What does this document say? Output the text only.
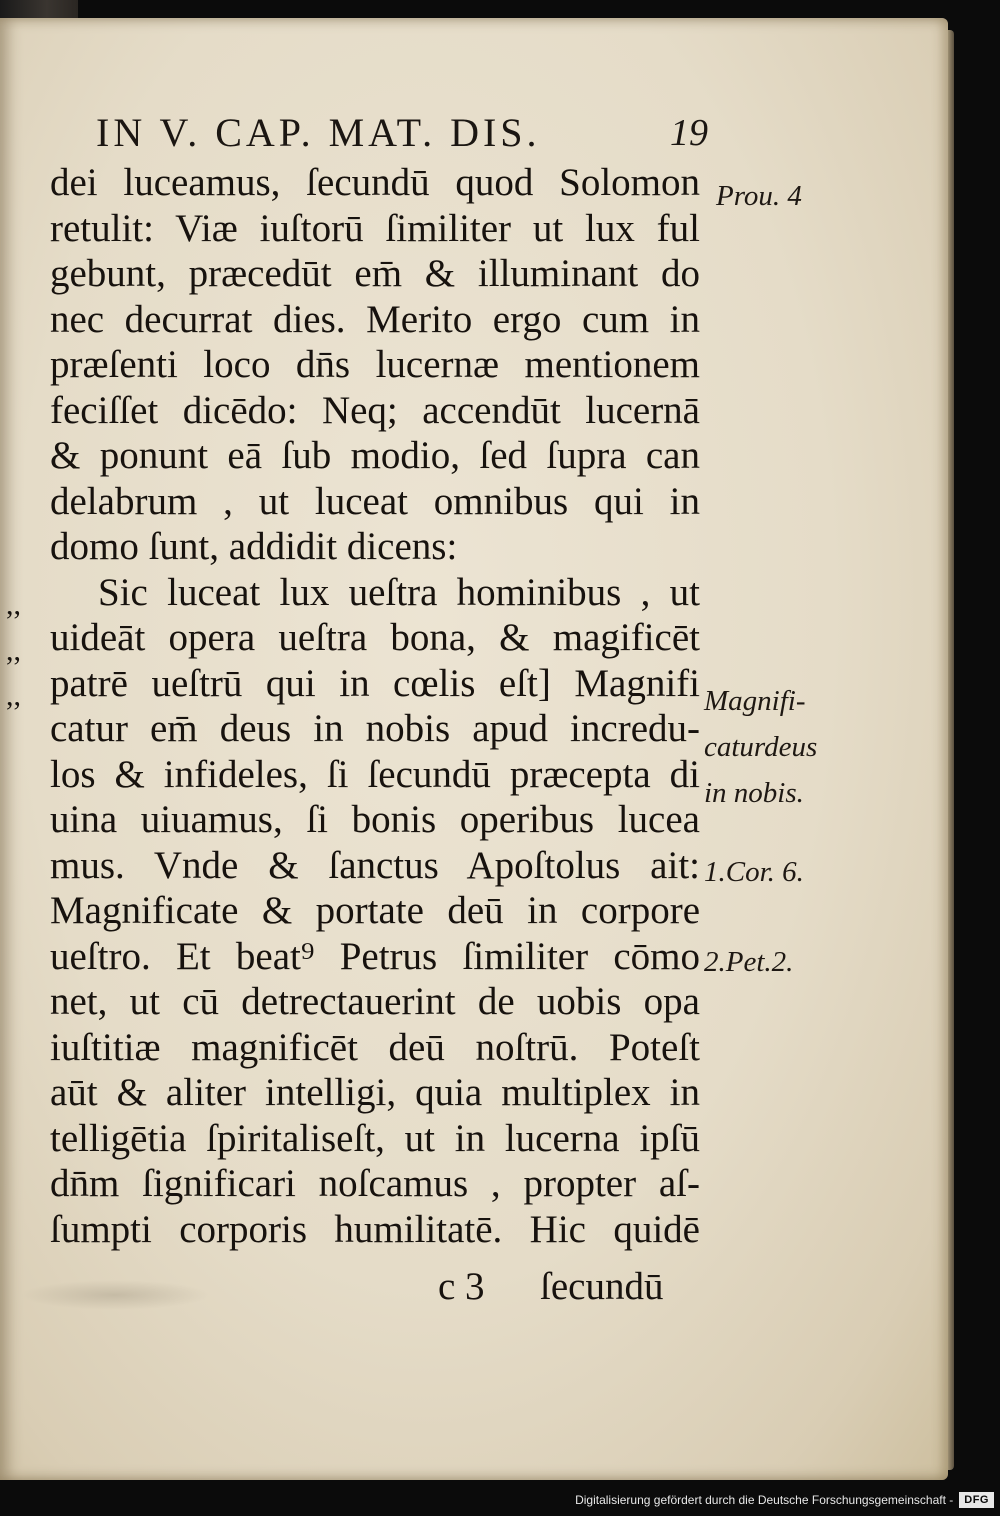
IN V. CAP. MAT. DIS.	19
dei luceamus, ſecundū quod Solomon
retulit: Viæ iuſtorū ſimiliter ut lux ful
gebunt, præcedūt em̄ & illuminant do
nec decurrat dies. Merito ergo cum in
præſenti loco dn̄s lucernæ mentionem
feciſſet dicēdo: Neq; accendūt lucernā
& ponunt eā ſub modio, ſed ſupra can
delabrum , ut luceat omnibus qui in
domo ſunt, addidit dicens:
Sic luceat lux ueſtra hominibus , ut
uideāt opera ueſtra bona, & magificēt
patrē ueſtrū qui in cœlis eſt] Magnifi
catur em̄ deus in nobis apud incredu-
los & infideles, ſi ſecundū præcepta di
uina uiuamus, ſi bonis operibus lucea
mus. Vnde & ſanctus Apoſtolus ait:
Magnificate & portate deū in corpore
ueſtro. Et beat⁹ Petrus ſimiliter cōmo
net, ut cū detrectauerint de uobis opa
iuſtitiæ magnificēt deū noſtrū. Poteſt
aūt & aliter intelligi, quia multiplex in
telligētia ſpiritaliseſt, ut in lucerna ipſū
dn̄m ſignificari noſcamus , propter aſ-
ſumpti corporis humilitatē. Hic quidē
,,
,,
,,
Prou. 4
Magnifi-
caturdeus
in nobis.
1.Cor. 6.
2.Pet.2.
c 3 ſecundū
Digitalisierung gefördert durch die Deutsche Forschungsgemeinschaft -	DFG
